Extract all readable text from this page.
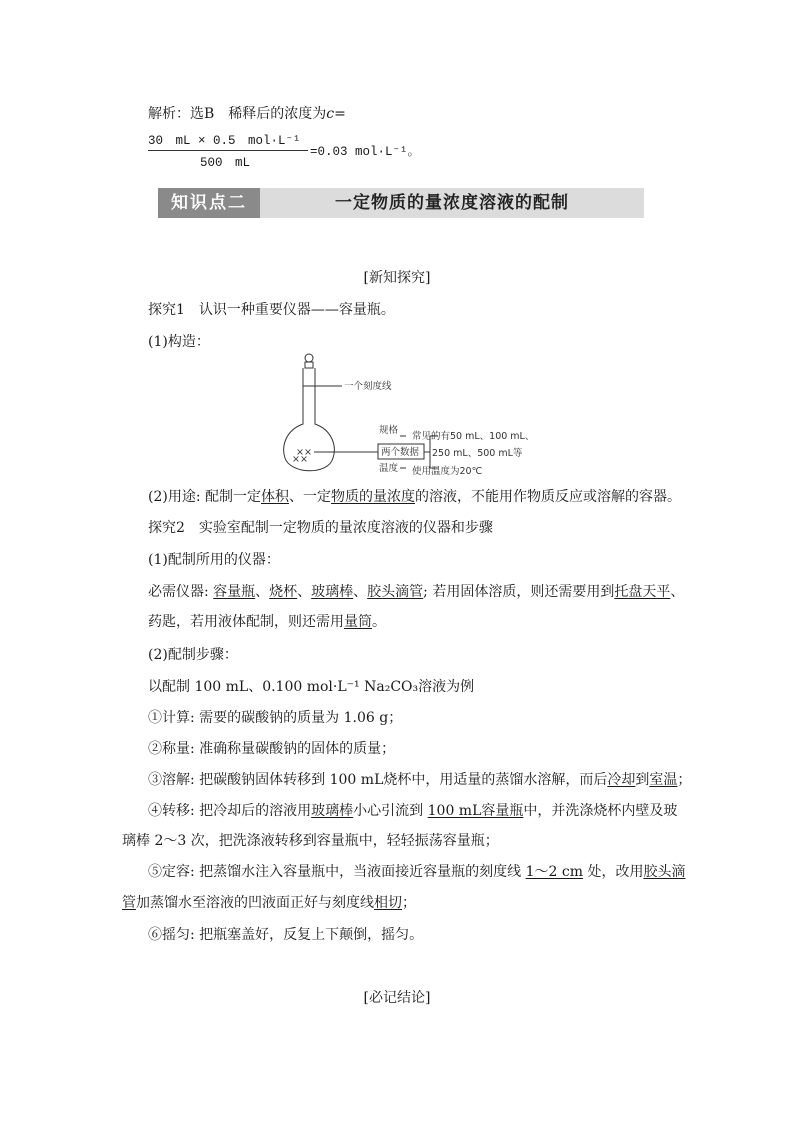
解析：选B　稀释后的浓度为c=
30　mL × 0.5　mol·L⁻¹
500　mL
=0.03 mol·L⁻¹。
知识点二	一定物质的量浓度溶液的配制
[新知探究]
探究1　认识一种重要仪器——容量瓶。
(1)构造：
××
××
一个刻度线
两个数据
规格
温度
常见的有50 mL、100 mL、
250 mL、500 mL等
使用温度为20℃
(2)用途: 配制一定体积、一定物质的量浓度的溶液，不能用作物质反应或溶解的容器。
探究2　实验室配制一定物质的量浓度溶液的仪器和步骤
(1)配制所用的仪器：
必需仪器: 容量瓶、烧杯、玻璃棒、胶头滴管; 若用固体溶质，则还需要用到托盘天平、
药匙，若用液体配制，则还需用量筒。
(2)配制步骤：
以配制 100 mL、0.100 mol·L⁻¹ Na₂CO₃溶液为例
①计算: 需要的碳酸钠的质量为 1.06 g；
②称量: 准确称量碳酸钠的固体的质量；
③溶解: 把碳酸钠固体转移到 100 mL烧杯中，用适量的蒸馏水溶解，而后冷却到室温；
④转移: 把冷却后的溶液用玻璃棒小心引流到 100 mL容量瓶中，并洗涤烧杯内壁及玻
璃棒 2～3 次，把洗涤液转移到容量瓶中，轻轻振荡容量瓶；
⑤定容: 把蒸馏水注入容量瓶中，当液面接近容量瓶的刻度线 1～2 cm 处，改用胶头滴
管加蒸馏水至溶液的凹液面正好与刻度线相切；
⑥摇匀: 把瓶塞盖好，反复上下颠倒，摇匀。
[必记结论]
